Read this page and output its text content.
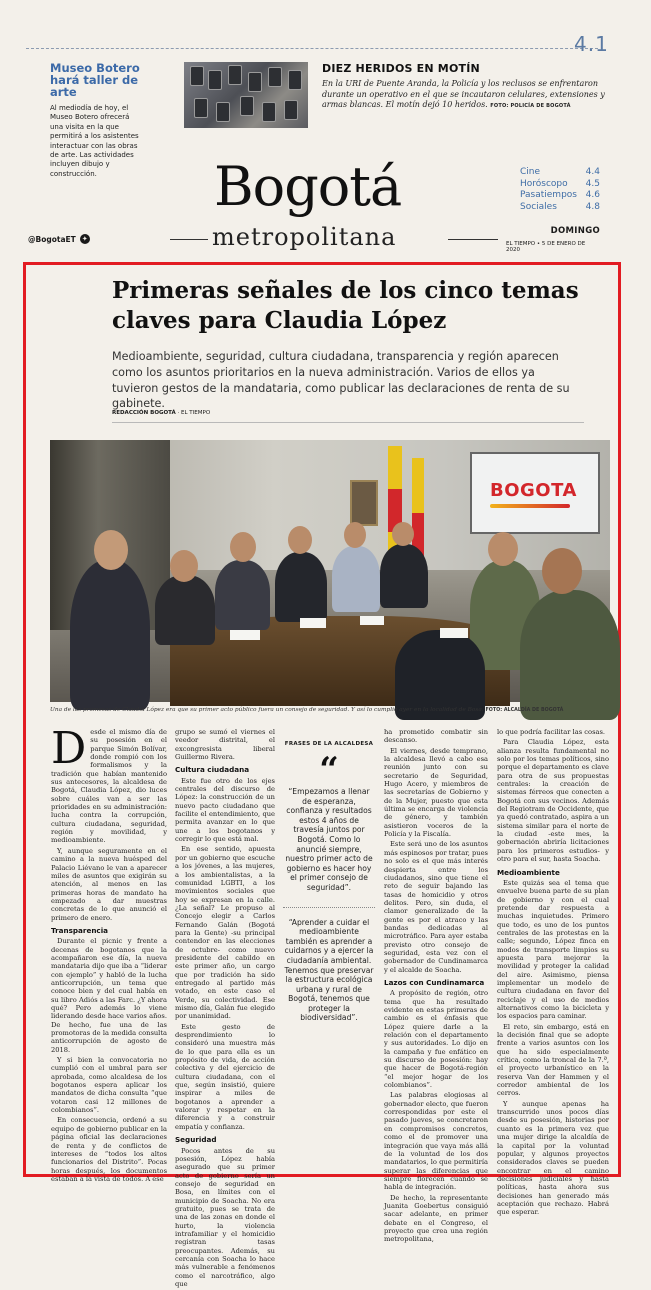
4.1
Museo Botero hará taller de arte

Al mediodía de hoy, el Museo Botero ofrecerá una visita en la que permitirá a los asistentes interactuar con las obras de arte. Las actividades incluyen dibujo y construcción.

DIEZ HERIDOS EN MOTÍN

En la URI de Puente Aranda, la Policía y los reclusos se enfrentaron durante un operativo en el que se incautaron celulares, extensiones y armas blancas. El motín dejó 10 heridos. FOTO: POLICÍA DE BOGOTÁ

Bogotá
metropolitana
Cine	4.4
Horóscopo 4.5
Pasatiempos 4.6
Sociales	4.8
@BogotaET ✦
DOMINGO
EL TIEMPO • 5 DE ENERO DE 2020
Primeras señales de los cinco temas claves para Claudia López

Medioambiente, seguridad, cultura ciudadana, transparencia y región aparecen como los asuntos prioritarios en la nueva administración. Varios de ellos ya tuvieron gestos de la mandataria, como publicar las declaraciones de renta de su gabinete.

REDACCIÓN BOGOTÁ · EL TIEMPO
BOGOTA

Una de las promesas de Claudia López era que su primer acto público fuera un consejo de seguridad. Y así lo cumplió ayer en la localidad de Bosa. FOTO: ALCALDÍA DE BOGOTÁ

Desde el mismo día de su posesión en el parque Simón Bolívar, donde rompió con los formalismos y la tradición que habían mantenido sus antecesores, la alcaldesa de Bogotá, Claudia López, dio luces sobre cuáles van a ser las prioridades en su administración: lucha contra la corrupción, cultura ciudadana, seguridad, región y movilidad, y medioambiente.

Y, aunque seguramente en el camino a la nueva huésped del Palacio Liévano le van a aparecer miles de asuntos que exigirán su atención, al menos en las primeras horas de mandato ha empezado a dar muestras concretas de lo que anunció el primero de enero.

Transparencia

Durante el picnic y frente a decenas de bogotanos que la acompañaron ese día, la nueva mandataria dijo que iba a “liderar con ejemplo” y habló de la lucha anticorrupción, un tema que conoce bien y del cual había en su libro Adiós a las Farc. ¿Y ahora qué? Pero además lo viene liderando desde hace varios años. De hecho, fue una de las promotoras de la medida consulta anticorrupción de agosto de 2018.

Y si bien la convocatoria no cumplió con el umbral para ser aprobada, como alcaldesa de los bogotanos espera aplicar los mandatos de dicha consulta “que votaron casi 12 millones de colombianos”.

En consecuencia, ordenó a su equipo de gobierno publicar en la página oficial las declaraciones de renta y de conflictos de intereses de “todos los altos funcionarios del Distrito”. Pocas horas después, los documentos estaban a la vista de todos. A ese

grupo se sumó el viernes el veedor distrital, el excongresista liberal Guillermo Rivera.

Cultura ciudadana

Este fue otro de los ejes centrales del discurso de López: la construcción de un nuevo pacto ciudadano que facilite el entendimiento, que permita avanzar en lo que une a los bogotanos y corregir lo que está mal.

En ese sentido, apuesta por un gobierno que escuche a los jóvenes, a las mujeres, a los ambientalistas, a la comunidad LGBTI, a los movimientos sociales que hoy se expresan en la calle. ¿La señal? Le propuso al Concejo elegir a Carlos Fernando Galán (Bogotá para la Gente) -su principal contendor en las elecciones de octubre- como nuevo presidente del cabildo en este primer año, un cargo que por tradición ha sido entregado al partido más votado, en este caso el Verde, su colectividad. Ese mismo día, Galán fue elegido por unanimidad.

Este gesto de desprendimiento lo consideró una muestra más de lo que para ella es un propósito de vida, de acción colectiva y del ejercicio de cultura ciudadana, con el que, según insistió, quiere inspirar a miles de bogotanos a aprender a valorar y respetar en la diferencia y a construir empatía y confianza.

Seguridad

Pocos antes de su posesión, López había asegurado que su primer acto de gobierno sería un consejo de seguridad en Bosa, en límites con el municipio de Soacha. No era gratuito, pues se trata de una de las zonas en donde el hurto, la violencia intrafamiliar y el homicidio registran tasas preocupantes. Además, su cercanía con Soacha lo hace más vulnerable a fenómenos como el narcotráfico, algo que

FRASES DE LA ALCALDESA
“

“Empezamos a llenar de esperanza, confianza y resultados estos 4 años de travesía juntos por Bogotá. Como lo anuncié siempre, nuestro primer acto de gobierno es hacer hoy el primer consejo de seguridad”.

“Aprender a cuidar el medioambiente también es aprender a cuidarnos y a ejercer la ciudadanía ambiental. Tenemos que preservar la estructura ecológica urbana y rural de Bogotá, tenemos que proteger la biodiversidad”.

ha prometido combatir sin descanso.

El viernes, desde temprano, la alcaldesa llevó a cabo esa reunión junto con su secretario de Seguridad, Hugo Acero, y miembros de las secretarías de Gobierno y de la Mujer, puesto que esta última se encarga de violencia de género, y también asistieron voceros de la Policía y la Fiscalía.

Este será uno de los asuntos más espinosos por tratar, pues no solo es el que más interés despierta entre los ciudadanos, sino que tiene el reto de seguir bajando las tasas de homicidio y otros delitos. Pero, sin duda, el clamor generalizado de la gente es por el atraco y las bandas dedicadas al microtráfico. Para ayer estaba previsto otro consejo de seguridad, esta vez con el gobernador de Cundinamarca y el alcalde de Soacha.

Lazos con Cundinamarca

A propósito de región, otro tema que ha resultado evidente en estas primeras de cambio es el énfasis que López quiere darle a la relación con el departamento y sus autoridades. Lo dijo en la campaña y fue enfático en su discurso de posesión: hay que hacer de Bogotá-región “el mejor hogar de los colombianos”.

Las palabras elogiosas al gobernador electo, que fueron correspondidas por este el pasado jueves, se concretaron en compromisos concretos, como el de promover una integración que vaya más allá de la voluntad de los dos mandatarios, lo que permitiría superar las diferencias que siempre florecen cuando se habla de integración.

De hecho, la representante Juanita Goebertus consiguió sacar adelante, en primer debate en el Congreso, el proyecto que crea una región metropolitana,

lo que podría facilitar las cosas.

Para Claudia López, esta alianza resulta fundamental no solo por los temas políticos, sino porque el departamento es clave para otra de sus propuestas centrales: la creación de sistemas férreos que conecten a Bogotá con sus vecinos. Además del Regiotram de Occidente, que ya quedó contratado, aspira a un sistema similar para el norte de la ciudad -este mes, la gobernación abriría licitaciones para los primeros estudios- y otro para el sur, hasta Soacha.

Medioambiente

Este quizás sea el tema que envuelve buena parte de su plan de gobierno y con el cual pretende dar respuesta a muchas inquietudes. Primero que todo, es uno de los puntos centrales de las protestas en la calle; segundo, López finca en modos de transporte limpios su apuesta para mejorar la movilidad y proteger la calidad del aire. Asimismo, piensa implementar un modelo de cultura ciudadana en favor del reciclaje y el uso de medios alternativos como la bicicleta y los espacios para caminar.

El reto, sin embargo, está en la decisión final que se adopte frente a varios asuntos con los que ha sido especialmente crítica, como la troncal de la 7.ª, el proyecto urbanístico en la reserva Van der Hammen y el corredor ambiental de los cerros.

Y aunque apenas ha transcurrido unos pocos días desde su posesión, historias por cuanto es la primera vez que una mujer dirige la alcaldía de la capital por la voluntad popular, y algunos proyectos considerados claves se pueden encontrar en el camino decisiones judiciales y hasta políticas, hasta ahora sus decisiones han generado más aceptación que rechazo. Habrá que esperar.
